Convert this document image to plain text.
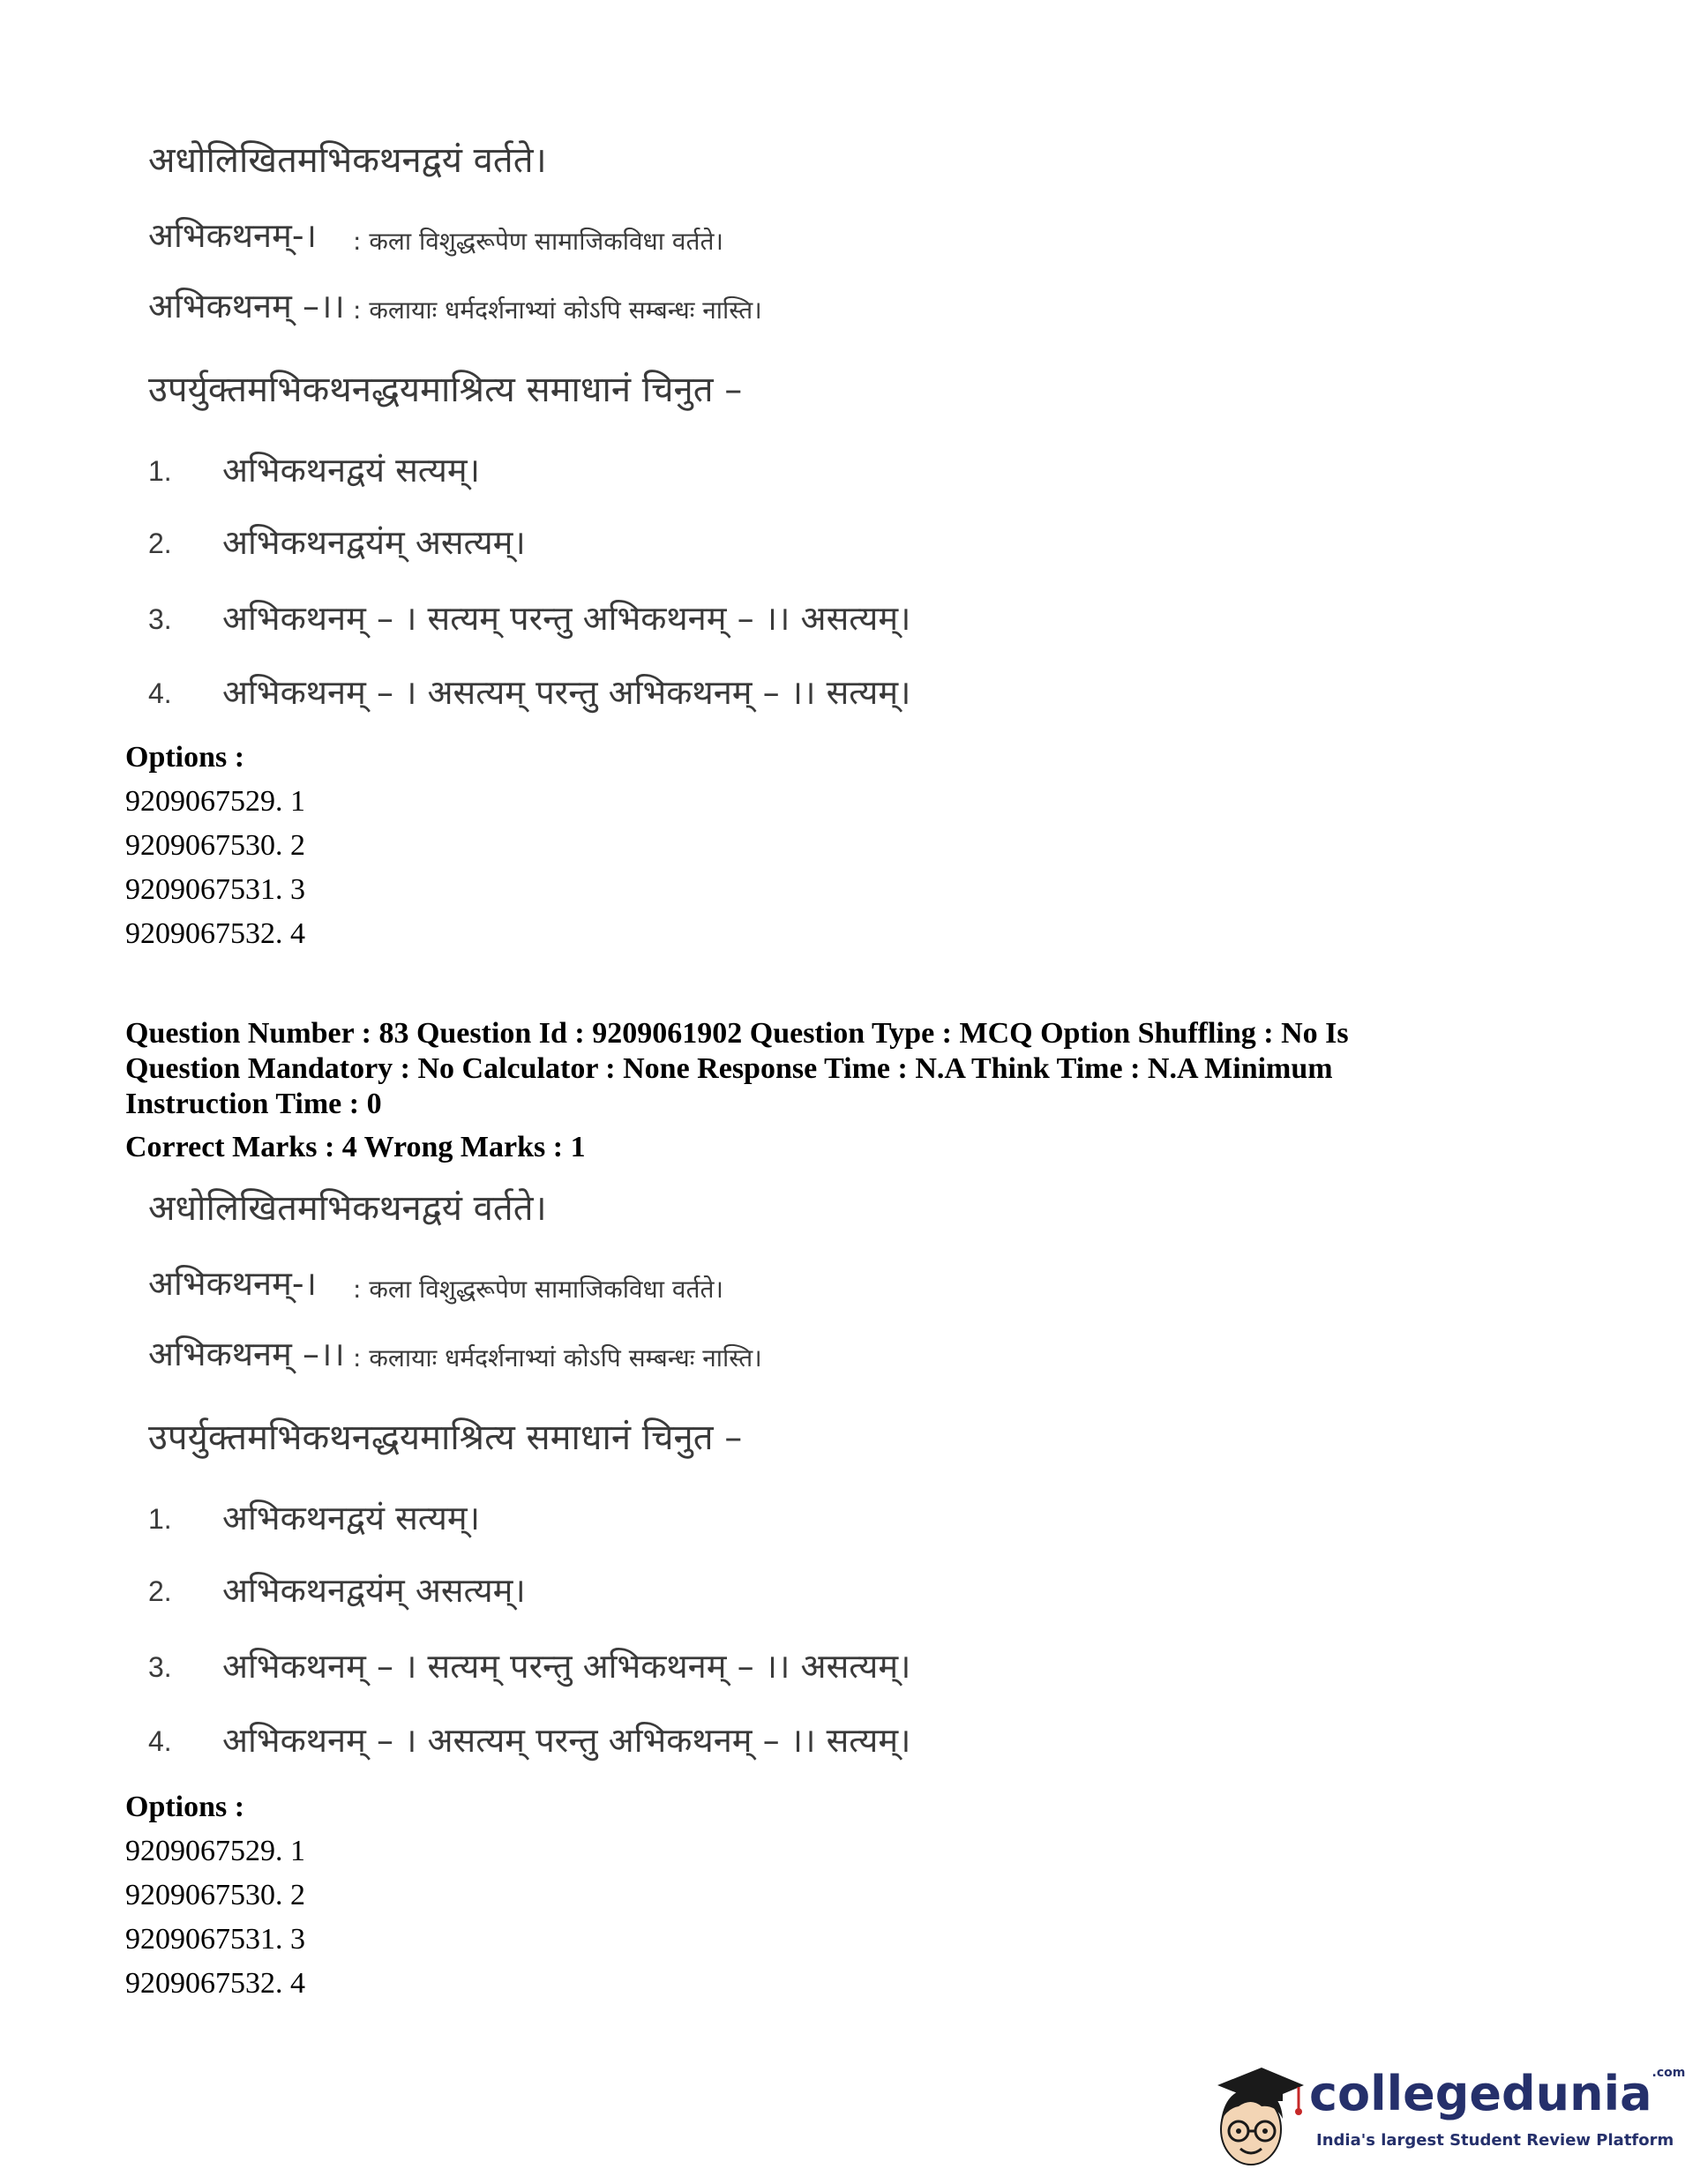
अधोलिखितमभिकथनद्वयं वर्तते।
अभिकथनम्-। : कला विशुद्धरूपेण सामाजिकविधा वर्तते।
अभिकथनम् –।। : कलायाः धर्मदर्शनाभ्यां कोऽपि सम्बन्धः नास्ति।
उपर्युक्तमभिकथनद्धयमाश्रित्य समाधानं चिनुत –
1. अभिकथनद्वयं सत्यम्।
2. अभिकथनद्वयंम् असत्यम्।
3. अभिकथनम् – । सत्यम् परन्तु अभिकथनम् – ।। असत्यम्।
4. अभिकथनम् – । असत्यम् परन्तु अभिकथनम् – ।। सत्यम्।
Options :
9209067529. 1
9209067530. 2
9209067531. 3
9209067532. 4
Question Number : 83 Question Id : 9209061902 Question Type : MCQ Option Shuffling : No Is Question Mandatory : No Calculator : None Response Time : N.A Think Time : N.A Minimum Instruction Time : 0
Correct Marks : 4 Wrong Marks : 1
अधोलिखितमभिकथनद्वयं वर्तते।
अभिकथनम्-। : कला विशुद्धरूपेण सामाजिकविधा वर्तते।
अभिकथनम् –।। : कलायाः धर्मदर्शनाभ्यां कोऽपि सम्बन्धः नास्ति।
उपर्युक्तमभिकथनद्धयमाश्रित्य समाधानं चिनुत –
1. अभिकथनद्वयं सत्यम्।
2. अभिकथनद्वयंम् असत्यम्।
3. अभिकथनम् – । सत्यम् परन्तु अभिकथनम् – ।। असत्यम्।
4. अभिकथनम् – । असत्यम् परन्तु अभिकथनम् – ।। सत्यम्।
Options :
9209067529. 1
9209067530. 2
9209067531. 3
9209067532. 4
collegedunia$^{.com}$
India's largest Student Review Platform
